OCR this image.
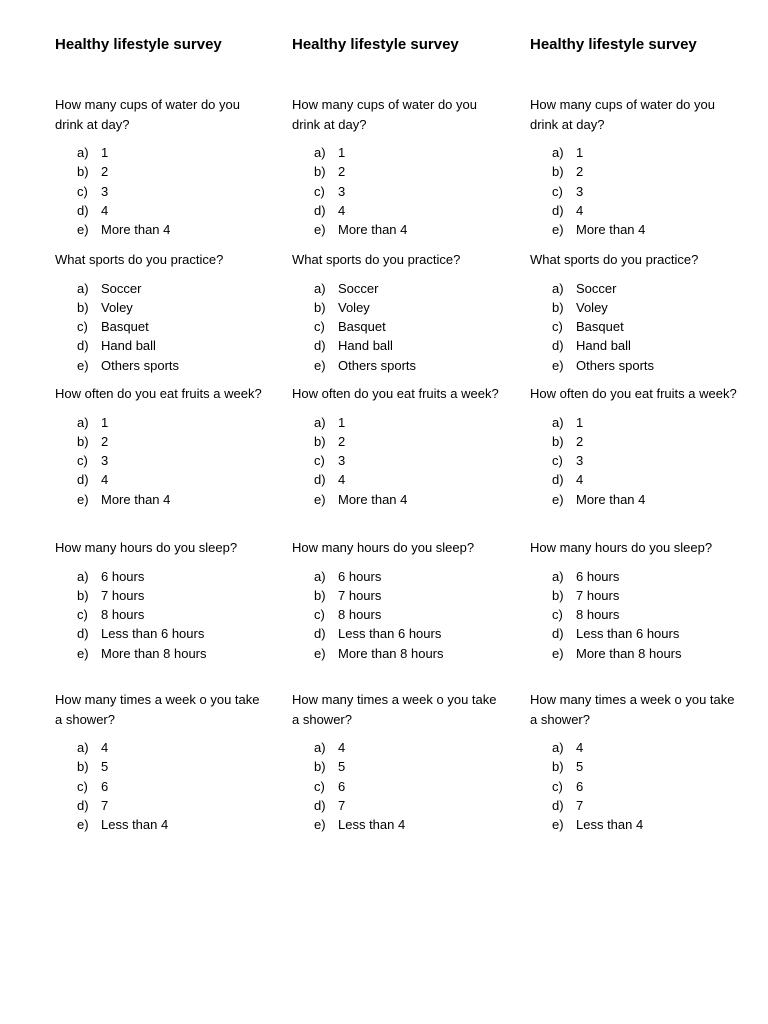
Healthy lifestyle survey

How many cups of water do you drink at day?

a) 1
b) 2
c) 3
d) 4
e) More than 4

What sports do you practice?

a) Soccer
b) Voley
c) Basquet
d) Hand ball
e) Others sports

How often do you eat fruits a week?

a) 1
b) 2
c) 3
d) 4
e) More than 4

How many hours do you sleep?

a) 6 hours
b) 7 hours
c) 8 hours
d) Less than 6 hours
e) More than 8 hours

How many times a week o you take a shower?

a) 4
b) 5
c) 6
d) 7
e) Less than 4
Healthy lifestyle survey

How many cups of water do you drink at day?

a) 1
b) 2
c) 3
d) 4
e) More than 4

What sports do you practice?

a) Soccer
b) Voley
c) Basquet
d) Hand ball
e) Others sports

How often do you eat fruits a week?

a) 1
b) 2
c) 3
d) 4
e) More than 4

How many hours do you sleep?

a) 6 hours
b) 7 hours
c) 8 hours
d) Less than 6 hours
e) More than 8 hours

How many times a week o you take a shower?

a) 4
b) 5
c) 6
d) 7
e) Less than 4
Healthy lifestyle survey

How many cups of water do you drink at day?

a) 1
b) 2
c) 3
d) 4
e) More than 4

What sports do you practice?

a) Soccer
b) Voley
c) Basquet
d) Hand ball
e) Others sports

How often do you eat fruits a week?

a) 1
b) 2
c) 3
d) 4
e) More than 4

How many hours do you sleep?

a) 6 hours
b) 7 hours
c) 8 hours
d) Less than 6 hours
e) More than 8 hours

How many times a week o you take a shower?

a) 4
b) 5
c) 6
d) 7
e) Less than 4
